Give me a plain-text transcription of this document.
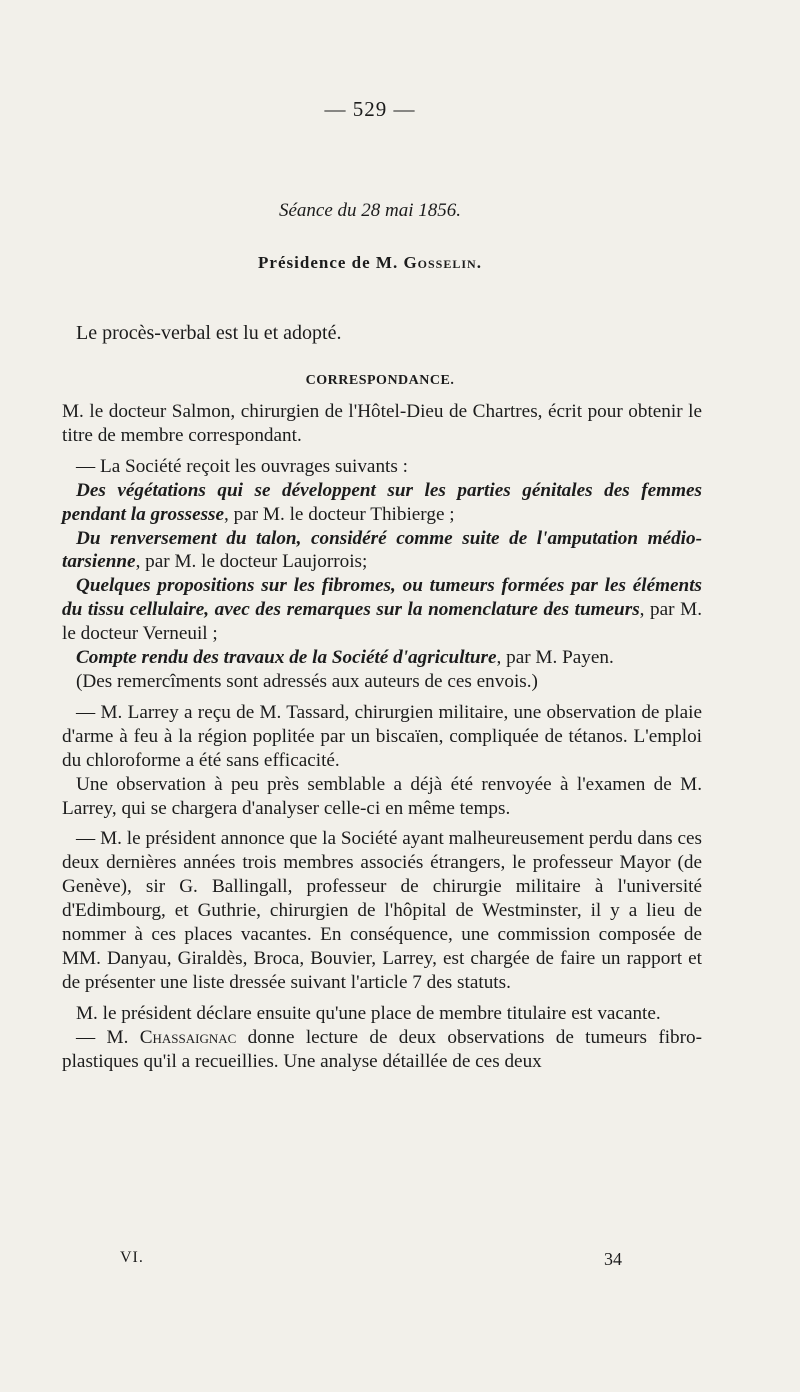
— 529 —
Séance du 28 mai 1856.
Présidence de M. Gosselin.
Le procès-verbal est lu et adopté.
CORRESPONDANCE.

M. le docteur Salmon, chirurgien de l'Hôtel-Dieu de Chartres, écrit pour obtenir le titre de membre correspondant.

— La Société reçoit les ouvrages suivants :

Des végétations qui se développent sur les parties génitales des femmes pendant la grossesse, par M. le docteur Thibierge ;

Du renversement du talon, considéré comme suite de l'amputation médio-tarsienne, par M. le docteur Laujorrois;

Quelques propositions sur les fibromes, ou tumeurs formées par les éléments du tissu cellulaire, avec des remarques sur la nomenclature des tumeurs, par M. le docteur Verneuil ;

Compte rendu des travaux de la Société d'agriculture, par M. Payen.

(Des remercîments sont adressés aux auteurs de ces envois.)

— M. Larrey a reçu de M. Tassard, chirurgien militaire, une observation de plaie d'arme à feu à la région poplitée par un biscaïen, compliquée de tétanos. L'emploi du chloroforme a été sans efficacité.

Une observation à peu près semblable a déjà été renvoyée à l'examen de M. Larrey, qui se chargera d'analyser celle-ci en même temps.

— M. le président annonce que la Société ayant malheureusement perdu dans ces deux dernières années trois membres associés étrangers, le professeur Mayor (de Genève), sir G. Ballingall, professeur de chirurgie militaire à l'université d'Edimbourg, et Guthrie, chirurgien de l'hôpital de Westminster, il y a lieu de nommer à ces places vacantes. En conséquence, une commission composée de MM. Danyau, Giraldès, Broca, Bouvier, Larrey, est chargée de faire un rapport et de présenter une liste dressée suivant l'article 7 des statuts.

M. le président déclare ensuite qu'une place de membre titulaire est vacante.

— M. Chassaignac donne lecture de deux observations de tumeurs fibro-plastiques qu'il a recueillies. Une analyse détaillée de ces deux

VI.	34
